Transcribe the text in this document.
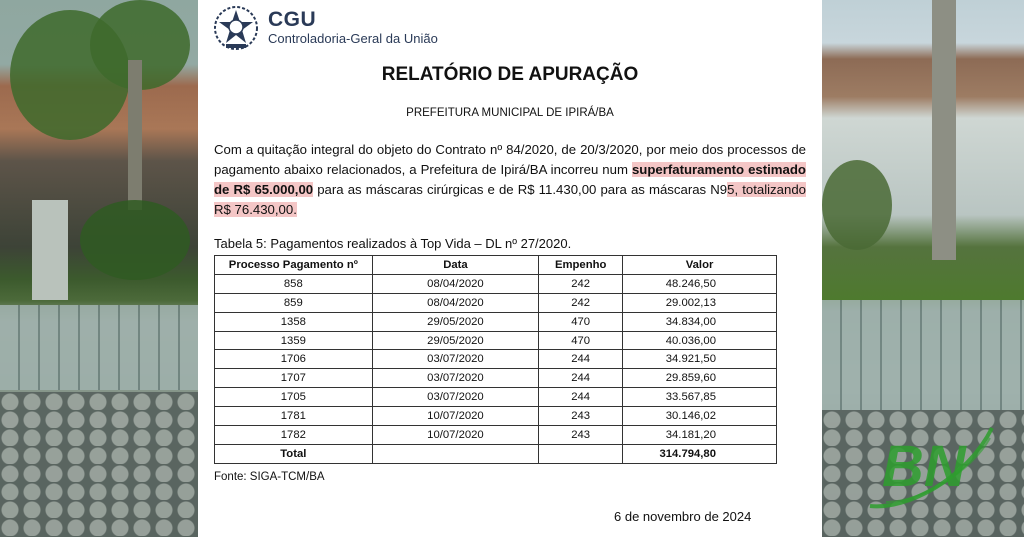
CGU
Controladoria-Geral da União
RELATÓRIO DE APURAÇÃO
PREFEITURA MUNICIPAL DE IPIRÁ/BA
Com a quitação integral do objeto do Contrato nº 84/2020, de 20/3/2020, por meio dos processos de pagamento abaixo relacionados, a Prefeitura de Ipirá/BA incorreu num superfaturamento estimado de R$ 65.000,00 para as máscaras cirúrgicas e de R$ 11.430,00 para as máscaras N95, totalizando R$ 76.430,00.
Tabela 5: Pagamentos realizados à Top Vida – DL nº 27/2020.
Processo Pagamento nº	Data	Empenho	Valor
858	08/04/2020	242	48.246,50
859	08/04/2020	242	29.002,13
1358	29/05/2020	470	34.834,00
1359	29/05/2020	470	40.036,00
1706	03/07/2020	244	34.921,50
1707	03/07/2020	244	29.859,60
1705	03/07/2020	244	33.567,85
1781	10/07/2020	243	30.146,02
1782	10/07/2020	243	34.181,20
Total			314.794,80
Fonte: SIGA-TCM/BA
6 de novembro de 2024
BN
